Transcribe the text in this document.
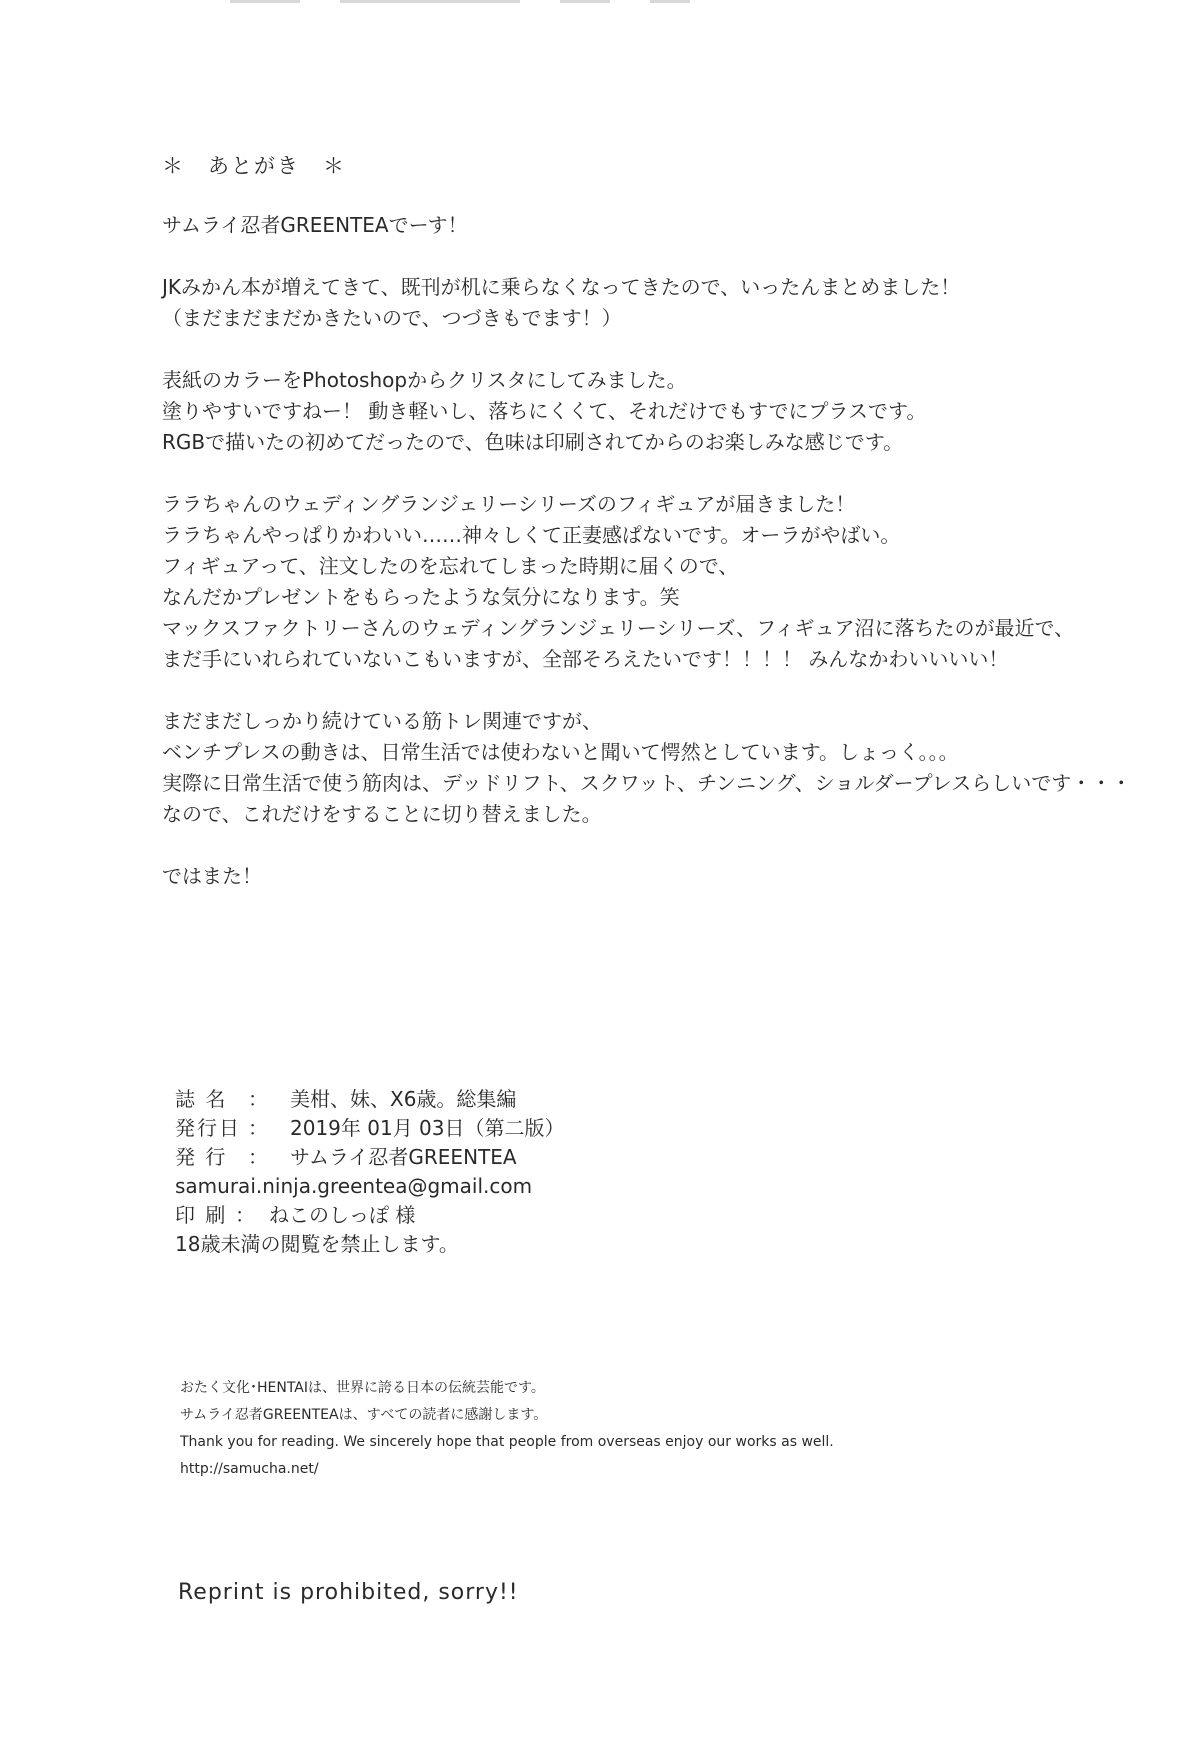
＊　あとがき　＊
サムライ忍者GREENTEAでーす！
JKみかん本が増えてきて、既刊が机に乗らなくなってきたので、いったんまとめました！
（まだまだまだかきたいので、つづきもでます！）
表紙のカラーをPhotoshopからクリスタにしてみました。
塗りやすいですねー！ 動き軽いし、落ちにくくて、それだけでもすでにプラスです。
RGBで描いたの初めてだったので、色味は印刷されてからのお楽しみな感じです。
ララちゃんのウェディングランジェリーシリーズのフィギュアが届きました！
ララちゃんやっぱりかわいい……神々しくて正妻感ぱないです。オーラがやばい。
フィギュアって、注文したのを忘れてしまった時期に届くので、
なんだかプレゼントをもらったような気分になります。笑
マックスファクトリーさんのウェディングランジェリーシリーズ、フィギュア沼に落ちたのが最近で、
まだ手にいれられていないこもいますが、全部そろえたいです！！！！ みんなかわいいいい！
まだまだしっかり続けている筋トレ関連ですが、
ベンチプレスの動きは、日常生活では使わないと聞いて愕然としています。しょっく。。。
実際に日常生活で使う筋肉は、デッドリフト、スクワット、チンニング、ショルダープレスらしいです・・・
なので、これだけをすることに切り替えました。
ではまた！
誌 名	：	美柑、妹、X6歳。総集編
発行日 ：	2019年 01月 03日（第二版）
発 行	：	サムライ忍者GREENTEA
samurai.ninja.greentea@gmail.com
印 刷 ： ねこのしっぽ 様
18歳未満の閲覧を禁止します。
おたく文化･HENTAIは、世界に誇る日本の伝統芸能です。
サムライ忍者GREENTEAは、すべての読者に感謝します。
Thank you for reading. We sincerely hope that people from overseas enjoy our works as well.
http://samucha.net/
Reprint is prohibited, sorry!!
